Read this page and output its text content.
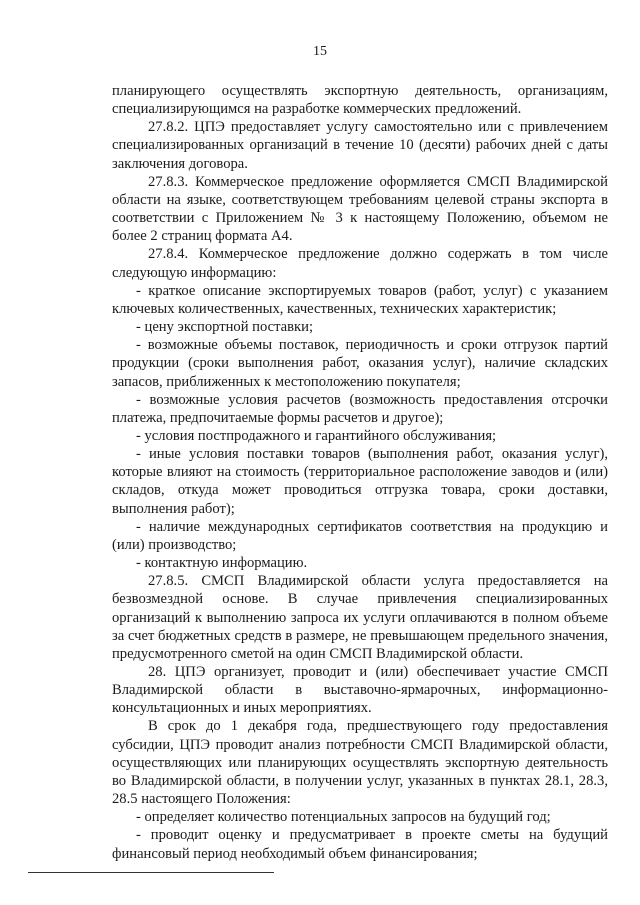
15

планирующего осуществлять экспортную деятельность, организациям, специализирующимся на разработке коммерческих предложений.

27.8.2. ЦПЭ предоставляет услугу самостоятельно или с привлечением специализированных организаций в течение 10 (десяти) рабочих дней с даты заключения договора.

27.8.3. Коммерческое предложение оформляется СМСП Владимирской области на языке, соответствующем требованиям целевой страны экспорта в соответствии с Приложением № 3 к настоящему Положению, объемом не более 2 страниц формата А4.

27.8.4. Коммерческое предложение должно содержать в том числе следующую информацию:

- краткое описание экспортируемых товаров (работ, услуг) с указанием ключевых количественных, качественных, технических характеристик;

- цену экспортной поставки;

- возможные объемы поставок, периодичность и сроки отгрузок партий продукции (сроки выполнения работ, оказания услуг), наличие складских запасов, приближенных к местоположению покупателя;

- возможные условия расчетов (возможность предоставления отсрочки платежа, предпочитаемые формы расчетов и другое);

- условия постпродажного и гарантийного обслуживания;

- иные условия поставки товаров (выполнения работ, оказания услуг), которые влияют на стоимость (территориальное расположение заводов и (или) складов, откуда может проводиться отгрузка товара, сроки доставки, выполнения работ);

- наличие международных сертификатов соответствия на продукцию и (или) производство;

- контактную информацию.

27.8.5. СМСП Владимирской области услуга предоставляется на безвозмездной основе. В случае привлечения специализированных организаций к выполнению запроса их услуги оплачиваются в полном объеме за счет бюджетных средств в размере, не превышающем предельного значения, предусмотренного сметой на один СМСП Владимирской области.

28. ЦПЭ организует, проводит и (или) обеспечивает участие СМСП Владимирской области в выставочно-ярмарочных, информационно-консультационных и иных мероприятиях.

В срок до 1 декабря года, предшествующего году предоставления субсидии, ЦПЭ проводит анализ потребности СМСП Владимирской области, осуществляющих или планирующих осуществлять экспортную деятельность во Владимирской области, в получении услуг, указанных в пунктах 28.1, 28.3, 28.5 настоящего Положения:

- определяет количество потенциальных запросов на будущий год;

- проводит оценку и предусматривает в проекте сметы на будущий финансовый период необходимый объем финансирования;
